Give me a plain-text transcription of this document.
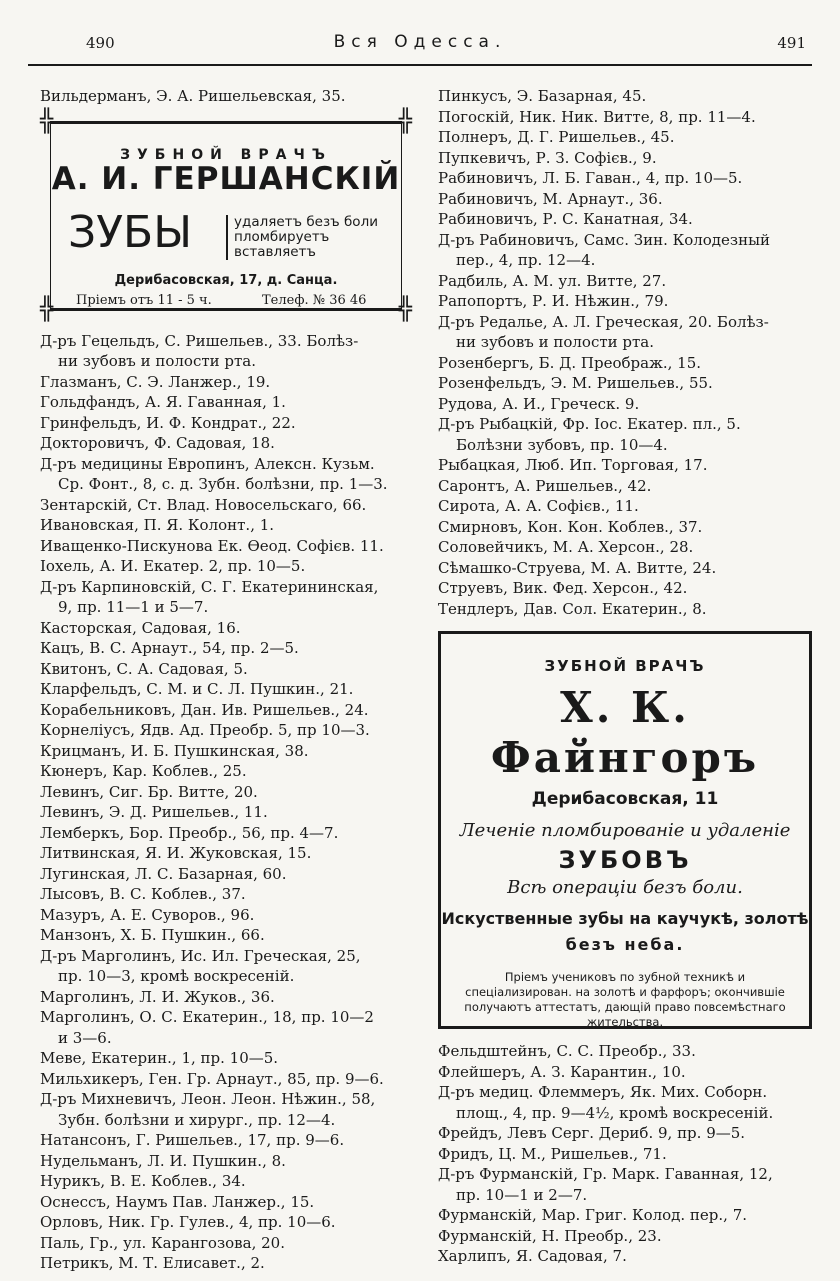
490	Вся Одесса.	491
Вильдерманъ, Э. А. Ришельевская, 35.
╬	╬
╬	╬
ЗУБНОЙ ВРАЧЪ
А. И. ГЕРШАНСКІЙ
ЗУБЫ	удаляетъ безъ боли
пломбируетъ
вставляетъ
Дерибасовская, 17, д. Санца.
Пріемъ отъ 11 - 5 ч.	Телеф. № 36 46
Д-ръ Гецельдъ, С. Ришельев., 33. Болѣз-
ни зубовъ и полости рта.
Глазманъ, С. Э. Ланжер., 19.
Гольдфандъ, А. Я. Гаванная, 1.
Гринфельдъ, И. Ф. Кондрат., 22.
Докторовичъ, Ф. Садовая, 18.
Д-ръ медицины Европинъ, Алексн. Кузьм.
Ср. Фонт., 8, с. д. Зубн. болѣзни, пр. 1—3.
Зентарскій, Ст. Влад. Новосельскаго, 66.
Ивановская, П. Я. Колонт., 1.
Иващенко-Пискунова Ек. Ѳеод. Софієв. 11.
Іохель, А. И. Екатер. 2, пр. 10—5.
Д-ръ Карпиновскій, С. Г. Екатерининская,
9, пр. 11—1 и 5—7.
Касторская, Садовая, 16.
Кацъ, В. С. Арнаут., 54, пр. 2—5.
Квитонъ, С. А. Садовая, 5.
Кларфельдъ, С. М. и С. Л. Пушкин., 21.
Корабельниковъ, Дан. Ив. Ришельев., 24.
Корнеліусъ, Ядв. Ад. Преобр. 5, пр 10—3.
Крицманъ, И. Б. Пушкинская, 38.
Кюнеръ, Кар. Коблев., 25.
Левинъ, Сиг. Бр. Витте, 20.
Левинъ, Э. Д. Ришельев., 11.
Лемберкъ, Бор. Преобр., 56, пр. 4—7.
Литвинская, Я. И. Жуковская, 15.
Лугинская, Л. С. Базарная, 60.
Лысовъ, В. С. Коблев., 37.
Мазуръ, А. Е. Суворов., 96.
Манзонъ, Х. Б. Пушкин., 66.
Д-ръ Марголинъ, Ис. Ил. Греческая, 25,
пр. 10—3, кромѣ воскресеній.
Марголинъ, Л. И. Жуков., 36.
Марголинъ, О. С. Екатерин., 18, пр. 10—2
и 3—6.
Меве, Екатерин., 1, пр. 10—5.
Мильхикеръ, Ген. Гр. Арнаут., 85, пр. 9—6.
Д-ръ Михневичъ, Леон. Леон. Нѣжин., 58,
Зубн. болѣзни и хирург., пр. 12—4.
Натансонъ, Г. Ришельев., 17, пр. 9—6.
Нудельманъ, Л. И. Пушкин., 8.
Нурикъ, В. Е. Коблев., 34.
Оснессъ, Наумъ Пав. Ланжер., 15.
Орловъ, Ник. Гр. Гулев., 4, пр. 10—6.
Паль, Гр., ул. Карангозова, 20.
Петрикъ, М. Т. Елисавет., 2.
Пинкусъ, Э. Базарная, 45.
Погоскій, Ник. Ник. Витте, 8, пр. 11—4.
Полнеръ, Д. Г. Ришельев., 45.
Пупкевичъ, Р. З. Софієв., 9.
Рабиновичъ, Л. Б. Гаван., 4, пр. 10—5.
Рабиновичъ, М. Арнаут., 36.
Рабиновичъ, Р. С. Канатная, 34.
Д-ръ Рабиновичъ, Самс. Зин. Колодезный
пер., 4, пр. 12—4.
Радбиль, А. М. ул. Витте, 27.
Рапопортъ, Р. И. Нѣжин., 79.
Д-ръ Редалье, А. Л. Греческая, 20. Болѣз-
ни зубовъ и полости рта.
Розенбергъ, Б. Д. Преображ., 15.
Розенфельдъ, Э. М. Ришельев., 55.
Рудова, А. И., Греческ. 9.
Д-ръ Рыбацкій, Фр. Іос. Екатер. пл., 5.
Болѣзни зубовъ, пр. 10—4.
Рыбацкая, Люб. Ип. Торговая, 17.
Саронтъ, А. Ришельев., 42.
Сирота, А. А. Софієв., 11.
Смирновъ, Кон. Кон. Коблев., 37.
Соловейчикъ, М. А. Херсон., 28.
Сѣмашко-Струева, М. А. Витте, 24.
Струевъ, Вик. Фед. Херсон., 42.
Тендлеръ, Дав. Сол. Екатерин., 8.
ЗУБНОЙ ВРАЧЪ
Х. К. Файнгоръ
Дерибасовская, 11
Леченіе пломбированіе и удаленіе
ЗУБОВЪ
Всѣ операціи безъ боли.
Искуственные зубы на каучукѣ, золотѣ
безъ неба.
Пріемъ учениковъ по зубной техникѣ и спеціализирован. на золотѣ и фарфоръ; окончившіе получаютъ аттестатъ, дающій право повсемѣстнаго жительства.
Фельдштейнъ, С. С. Преобр., 33.
Флейшеръ, А. З. Карантин., 10.
Д-ръ медиц. Флеммеръ, Як. Мих. Соборн.
площ., 4, пр. 9—4½, кромѣ воскресеній.
Фрейдъ, Левъ Серг. Дериб. 9, пр. 9—5.
Фридъ, Ц. М., Ришельев., 71.
Д-ръ Фурманскій, Гр. Марк. Гаванная, 12,
пр. 10—1 и 2—7.
Фурманскій, Мар. Григ. Колод. пер., 7.
Фурманскій, Н. Преобр., 23.
Харлипъ, Я. Садовая, 7.
